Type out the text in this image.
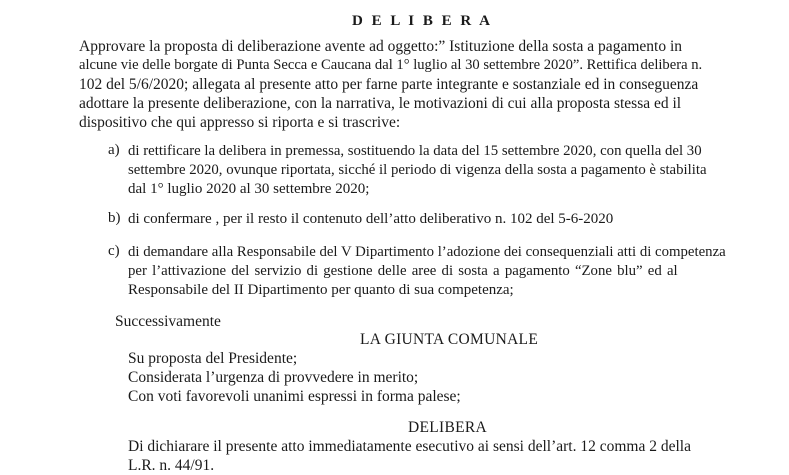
D E L I B E R A
Approvare la proposta di deliberazione avente ad oggetto:” Istituzione della sosta a pagamento in
alcune vie delle borgate di Punta Secca e Caucana dal 1° luglio al 30 settembre 2020”. Rettifica delibera n.
102 del 5/6/2020; allegata al presente atto per farne parte integrante e sostanziale ed in conseguenza
adottare la presente deliberazione, con la narrativa, le motivazioni di cui alla proposta stessa ed il
dispositivo che qui appresso si riporta e si trascrive:
a) di rettificare la delibera in premessa, sostituendo la data del 15 settembre 2020, con quella del 30
settembre 2020, ovunque riportata, sicché il periodo di vigenza della sosta a pagamento è stabilita
dal 1° luglio 2020 al 30 settembre 2020;
b) di confermare , per il resto il contenuto dell’atto deliberativo n. 102 del 5-6-2020
c) di demandare alla Responsabile del V Dipartimento l’adozione dei consequenziali atti di competenza
per l’attivazione del servizio di gestione delle aree di sosta a pagamento “Zone blu” ed al
Responsabile del II Dipartimento per quanto di sua competenza;
Successivamente
LA GIUNTA COMUNALE
Su proposta del Presidente;
Considerata l’urgenza di provvedere in merito;
Con voti favorevoli unanimi espressi in forma palese;
DELIBERA
Di dichiarare il presente atto immediatamente esecutivo ai sensi dell’art. 12 comma 2 della
L.R. n. 44/91.
